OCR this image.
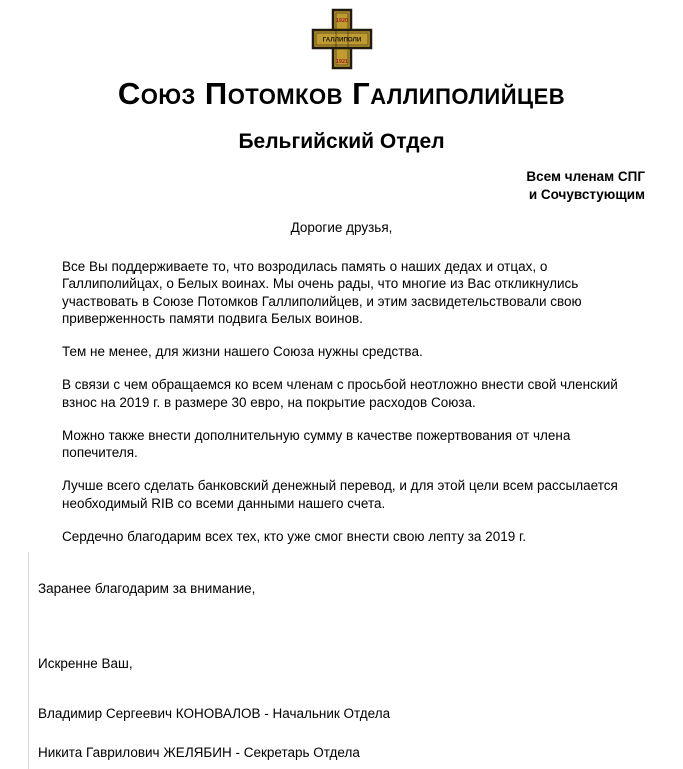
1920
ГАЛЛИПОЛИ
1921
Союз Потомков Галлиполийцев
Бельгийский Отдел
Всем членам СПГ
и Сочувстующим
Дорогие друзья,

Все Вы поддерживаете то, что возродилась память о наших дедах и отцах, о Галлиполийцах, о Белых воинах. Мы очень рады, что многие из Вас откликнулись участвовать в Союзе Потомков Галлиполийцев, и этим засвидетельствовали свою приверженность памяти подвига Белых воинов.

Тем не менее, для жизни нашего Союза нужны средства.

В связи с чем обращаемся ко всем членам с просьбой неотложно внести свой членский взнос на 2019 г. в размере 30 евро, на покрытие расходов Союза.

Можно также внести дополнительную сумму в качестве пожертвования от члена попечителя.

Лучше всего сделать банковский денежный перевод, и для этой цели всем рассылается необходимый RIB со всеми данными нашего счета.

Сердечно благодарим всех тех, кто уже смог внести свою лепту за 2019 г.

Заранее благодарим за внимание,

Искренне Ваш,

Владимир Сергеевич КОНОВАЛОВ - Начальник Отдела

Никита Гаврилович ЖЕЛЯБИН - Секретарь Отдела
